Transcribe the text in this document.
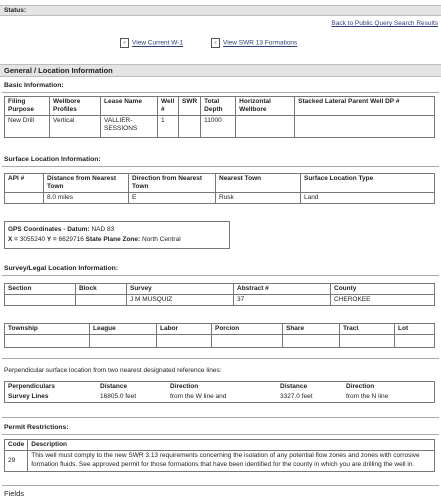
Status:
Back to Public Query Search Results
≡ View Current W-1	≡ View SWR 13 Formations
General / Location Information
Basic Information:
Filing Purpose	Wellbore Profiles	Lease Name	Well #	SWR	Total Depth	Horizontal Wellbore	Stacked Lateral Parent Well DP #
New Drill	Vertical	VALLIER-SESSIONS	1		11000		
Surface Location Information:
API #	Distance from Nearest Town	Direction from Nearest Town	Nearest Town	Surface Location Type
	8.0 miles	E	Rusk	Land
GPS Coordinates - Datum: NAD 83
X = 3055240 Y = 6629716 State Plane Zone: North Central
Survey/Legal Location Information:
Section	Block	Survey	Abstract #	County
		J M MUSQUIZ	37	CHEROKEE
Township	League	Labor	Porcion	Share	Tract	Lot

Perpendicular surface location from two nearest designated reference lines:
Perpendiculars	Distance	Direction	Distance	Direction
Survey Lines	16805.0 feet	from the W line and	3327.0 feet	from the N line
Permit Restrictions:
Code	Description
29	This well must comply to the new SWR 3.13 requirements concerning the isolation of any potential flow zones and zones with corrosive formation fluids. See approved permit for those formations that have been identified for the county in which you are drilling the well in.
Fields
